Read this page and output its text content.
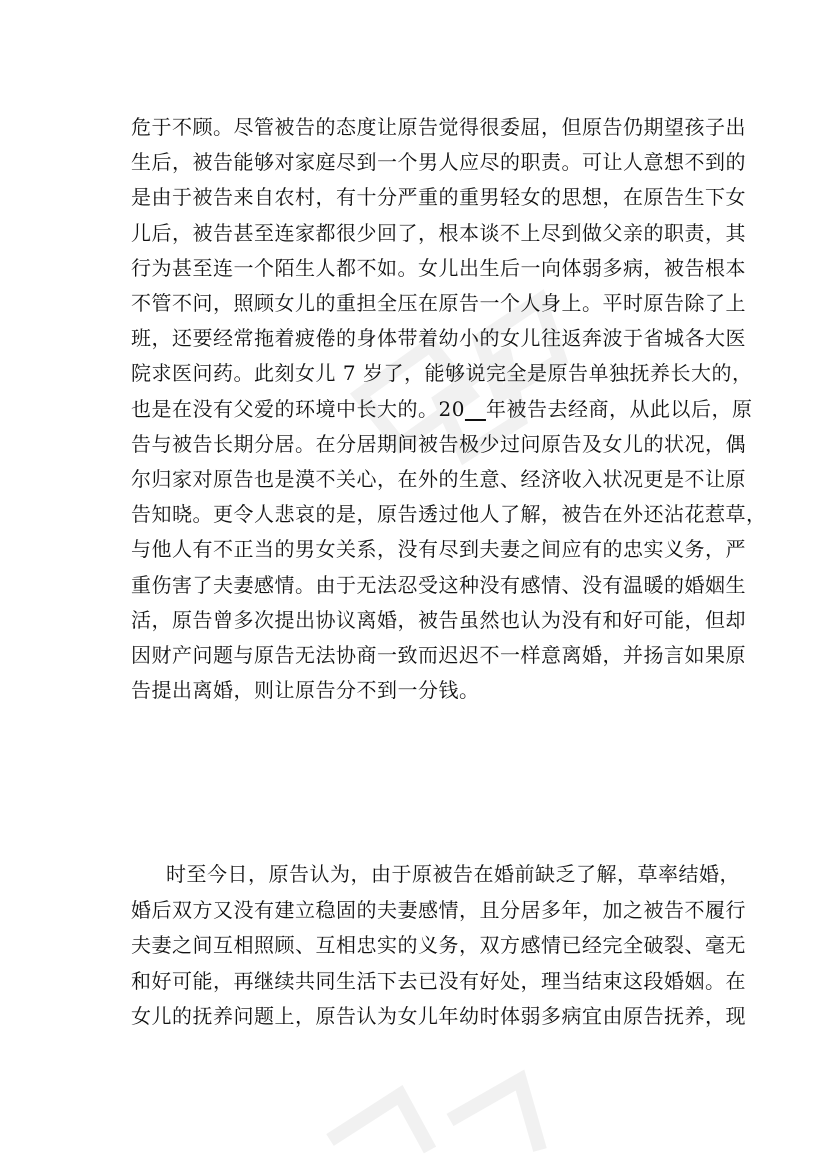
危于不顾。尽管被告的态度让原告觉得很委屈，但原告仍期望孩子出
生后，被告能够对家庭尽到一个男人应尽的职责。可让人意想不到的
是由于被告来自农村，有十分严重的重男轻女的思想，在原告生下女
儿后，被告甚至连家都很少回了，根本谈不上尽到做父亲的职责，其
行为甚至连一个陌生人都不如。女儿出生后一向体弱多病，被告根本
不管不问，照顾女儿的重担全压在原告一个人身上。平时原告除了上
班，还要经常拖着疲倦的身体带着幼小的女儿往返奔波于省城各大医
院求医问药。此刻女儿 7 岁了，能够说完全是原告单独抚养长大的，
也是在没有父爱的环境中长大的。20__年被告去经商，从此以后，原
告与被告长期分居。在分居期间被告极少过问原告及女儿的状况，偶
尔归家对原告也是漠不关心，在外的生意、经济收入状况更是不让原
告知晓。更令人悲哀的是，原告透过他人了解，被告在外还沾花惹草，
与他人有不正当的男女关系，没有尽到夫妻之间应有的忠实义务，严
重伤害了夫妻感情。由于无法忍受这种没有感情、没有温暖的婚姻生
活，原告曾多次提出协议离婚，被告虽然也认为没有和好可能，但却
因财产问题与原告无法协商一致而迟迟不一样意离婚，并扬言如果原
告提出离婚，则让原告分不到一分钱。
时至今日，原告认为，由于原被告在婚前缺乏了解，草率结婚，
婚后双方又没有建立稳固的夫妻感情，且分居多年，加之被告不履行
夫妻之间互相照顾、互相忠实的义务，双方感情已经完全破裂、毫无
和好可能，再继续共同生活下去已没有好处，理当结束这段婚姻。在
女儿的抚养问题上，原告认为女儿年幼时体弱多病宜由原告抚养，现
